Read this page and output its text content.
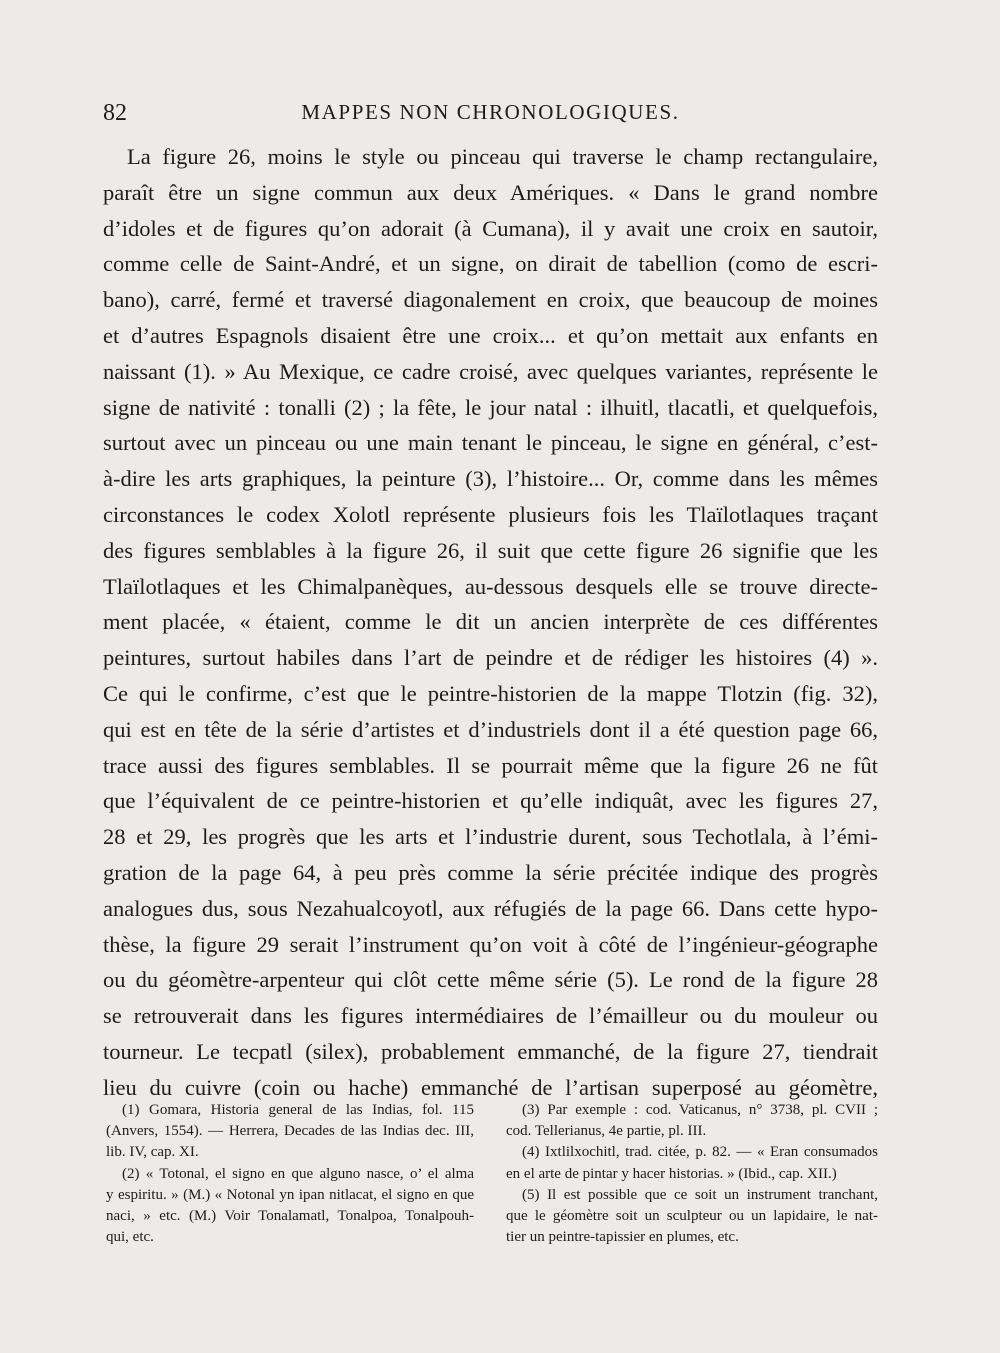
82	MAPPES NON CHRONOLOGIQUES.
La figure 26, moins le style ou pinceau qui traverse le champ rectangulaire,
paraît être un signe commun aux deux Amériques. « Dans le grand nombre
d’idoles et de figures qu’on adorait (à Cumana), il y avait une croix en sautoir,
comme celle de Saint-André, et un signe, on dirait de tabellion (como de escri-
bano), carré, fermé et traversé diagonalement en croix, que beaucoup de moines
et d’autres Espagnols disaient être une croix... et qu’on mettait aux enfants en
naissant (1). » Au Mexique, ce cadre croisé, avec quelques variantes, représente le
signe de nativité : tonalli (2) ; la fête, le jour natal : ilhuitl, tlacatli, et quelquefois,
surtout avec un pinceau ou une main tenant le pinceau, le signe en général, c’est-
à-dire les arts graphiques, la peinture (3), l’histoire... Or, comme dans les mêmes
circonstances le codex Xolotl représente plusieurs fois les Tlaïlotlaques traçant
des figures semblables à la figure 26, il suit que cette figure 26 signifie que les
Tlaïlotlaques et les Chimalpanèques, au-dessous desquels elle se trouve directe-
ment placée, « étaient, comme le dit un ancien interprète de ces différentes
peintures, surtout habiles dans l’art de peindre et de rédiger les histoires (4) ».
Ce qui le confirme, c’est que le peintre-historien de la mappe Tlotzin (fig. 32),
qui est en tête de la série d’artistes et d’industriels dont il a été question page 66,
trace aussi des figures semblables. Il se pourrait même que la figure 26 ne fût
que l’équivalent de ce peintre-historien et qu’elle indiquât, avec les figures 27,
28 et 29, les progrès que les arts et l’industrie durent, sous Techotlala, à l’émi-
gration de la page 64, à peu près comme la série précitée indique des progrès
analogues dus, sous Nezahualcoyotl, aux réfugiés de la page 66. Dans cette hypo-
thèse, la figure 29 serait l’instrument qu’on voit à côté de l’ingénieur-géographe
ou du géomètre-arpenteur qui clôt cette même série (5). Le rond de la figure 28
se retrouverait dans les figures intermédiaires de l’émailleur ou du mouleur ou
tourneur. Le tecpatl (silex), probablement emmanché, de la figure 27, tiendrait
lieu du cuivre (coin ou hache) emmanché de l’artisan superposé au géomètre,
(1) Gomara, Historia general de las Indias, fol. 115
(Anvers, 1554). — Herrera, Decades de las Indias dec. III,
lib. IV, cap. XI.
(2) « Totonal, el signo en que alguno nasce, o’ el alma
y espiritu. » (M.) « Notonal yn ipan nitlacat, el signo en que
naci, » etc. (M.) Voir Tonalamatl, Tonalpoa, Tonalpouh-
qui, etc.
(3) Par exemple : cod. Vaticanus, n° 3738, pl. CVII ;
cod. Tellerianus, 4e partie, pl. III.
(4) Ixtlilxochitl, trad. citée, p. 82. — « Eran consumados
en el arte de pintar y hacer historias. » (Ibid., cap. XII.)
(5) Il est possible que ce soit un instrument tranchant,
que le géomètre soit un sculpteur ou un lapidaire, le nat-
tier un peintre-tapissier en plumes, etc.
